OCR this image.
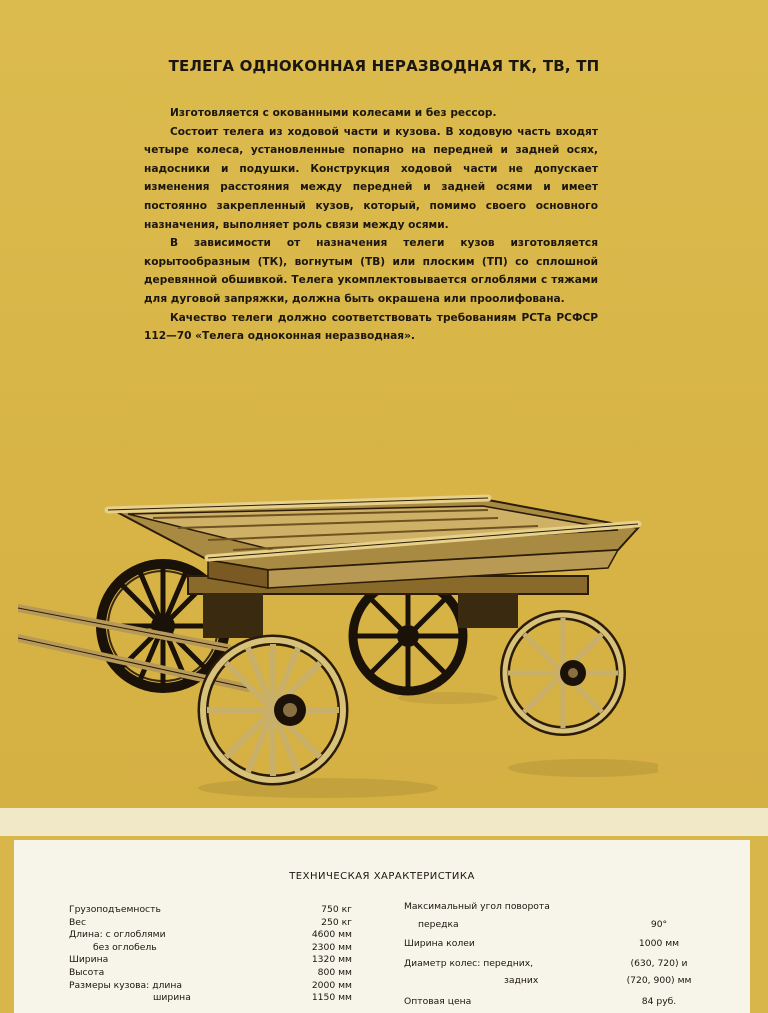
ТЕЛЕГА ОДНОКОННАЯ НЕРАЗВОДНАЯ ТК, ТВ, ТП

Изготовляется с окованными колесами и без рессор.

Состоит телега из ходовой части и кузова. В ходовую часть входят четыре колеса, установленные попарно на передней и задней осях, надосники и подушки. Конструкция ходовой части не допускает изменения расстояния между передней и задней осями и имеет постоянно закрепленный кузов, который, помимо своего основного назначения, выполняет роль связи между осями.

В зависимости от назначения телеги кузов изготовляется корытообразным (ТК), вогнутым (ТВ) или плоским (ТП) со сплошной деревянной обшивкой. Телега укомплектовывается оглоблями с тяжами для дуговой запряжки, должна быть окрашена или проолифована.

Качество телеги должно соответствовать требованиям РСТа РСФСР 112—70 «Телега одноконная неразводная».

ТЕХНИЧЕСКАЯ ХАРАКТЕРИСТИКА
Грузоподъемность
Вес
Длина: с оглоблями
без оглобель
Ширина
Высота
Размеры кузова: длина
ширина
750 кг
250 кг
4600 мм
2300 мм
1320 мм
800 мм
2000 мм
1150 мм
Максимальный угол поворота
передка
Ширина колеи
Диаметр колес: передних,
задних
Оптовая цена
90°
1000 мм
(630, 720) и
(720, 900) мм
84 руб.
